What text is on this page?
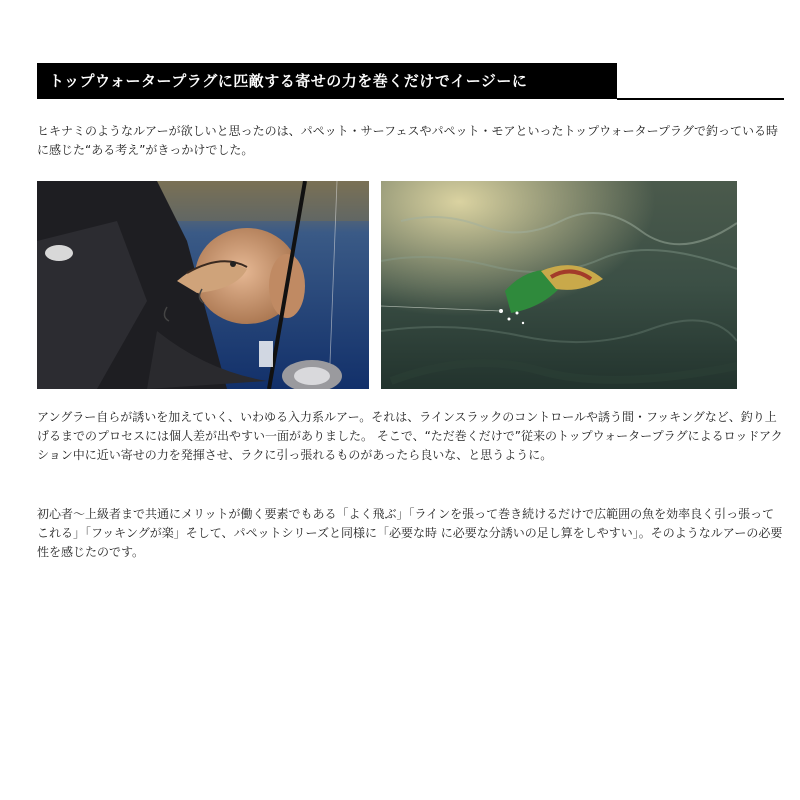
トップウォータープラグに匹敵する寄せの力を巻くだけでイージーに

ヒキナミのようなルアーが欲しいと思ったのは、パペット・サーフェスやパペット・モアといったトップウォータープラグで釣っている時に感じた“ある考え”がきっかけでした。

アングラー自らが誘いを加えていく、いわゆる入力系ルアー。それは、ラインスラックのコントロールや誘う間・フッキングなど、釣り上げるまでのプロセスには個人差が出やすい一面がありました。 そこで、“ただ巻くだけで”従来のトップウォータープラグによるロッドアクション中に近い寄せの力を発揮させ、ラクに引っ張れるものがあったら良いな、と思うように。

初心者～上級者まで共通にメリットが働く要素でもある「よく飛ぶ」「ラインを張って巻き続けるだけで広範囲の魚を効率良く引っ張ってこれる」「フッキングが楽」そして、パペットシリーズと同様に「必要な時 に必要な分誘いの足し算をしやすい」。そのようなルアーの必要性を感じたのです。
